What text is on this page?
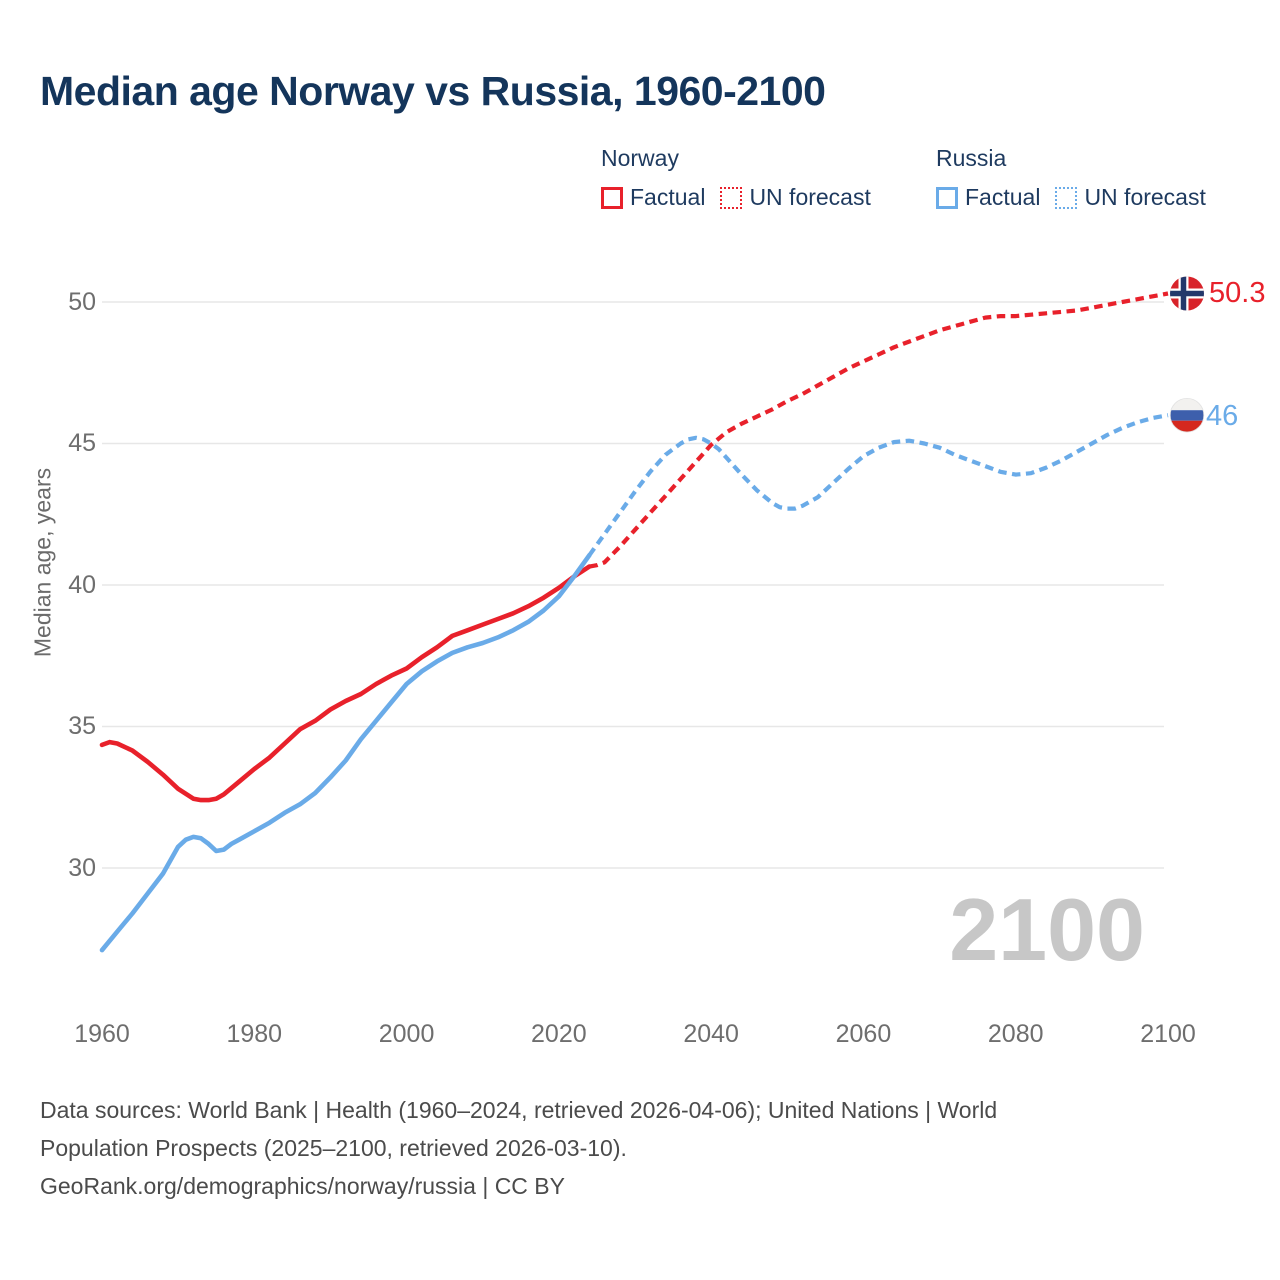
Median age Norway vs Russia, 1960-2100
Norway
Factual UN forecast
Russia
Factual UN forecast
Median age, years
30
35
40
45
50
1960	1980	2000	2020	2040	2060	2080	2100
2100
50.3
46
Data sources: World Bank | Health (1960–2024, retrieved 2026-04-06); United Nations | World
Population Prospects (2025–2100, retrieved 2026-03-10).
GeoRank.org/demographics/norway/russia | CC BY
